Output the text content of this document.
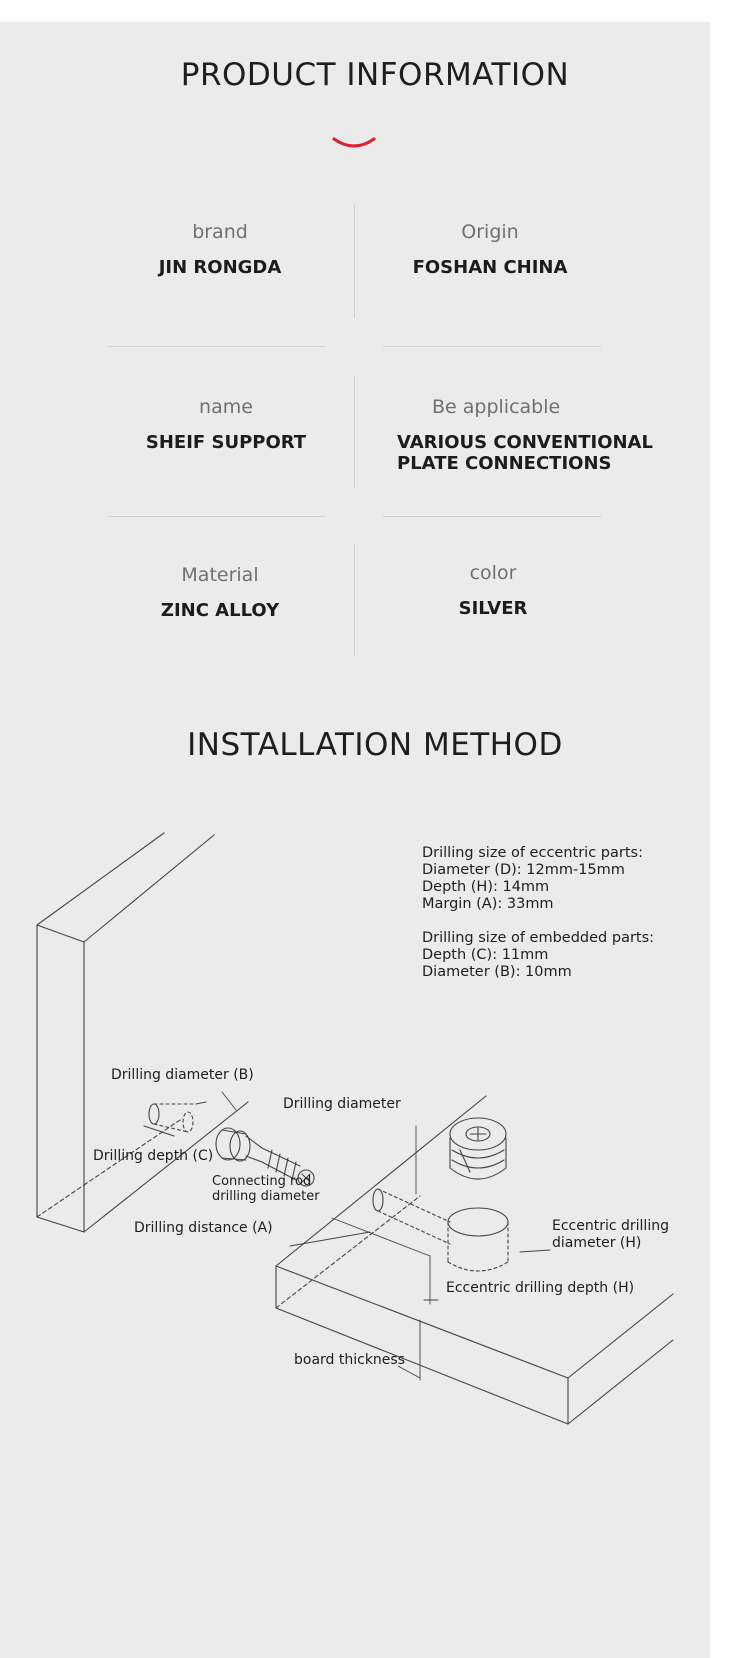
PRODUCT INFORMATION
brand
JIN RONGDA
Origin
FOSHAN CHINA
name
SHEIF SUPPORT
Be applicable
VARIOUS CONVENTIONAL
PLATE CONNECTIONS
Material
ZINC ALLOY
color
SILVER
INSTALLATION METHOD
Drilling size of eccentric parts:
Diameter (D): 12mm-15mm
Depth (H): 14mm
Margin (A): 33mm
Drilling size of embedded parts:
Depth (C): 11mm
Diameter (B): 10mm
Drilling diameter (B)
Drilling diameter
Drilling depth (C)
Connecting rod
drilling diameter
Drilling distance (A)	Eccentric drilling
diameter (H)
Eccentric drilling depth (H)
board thickness
